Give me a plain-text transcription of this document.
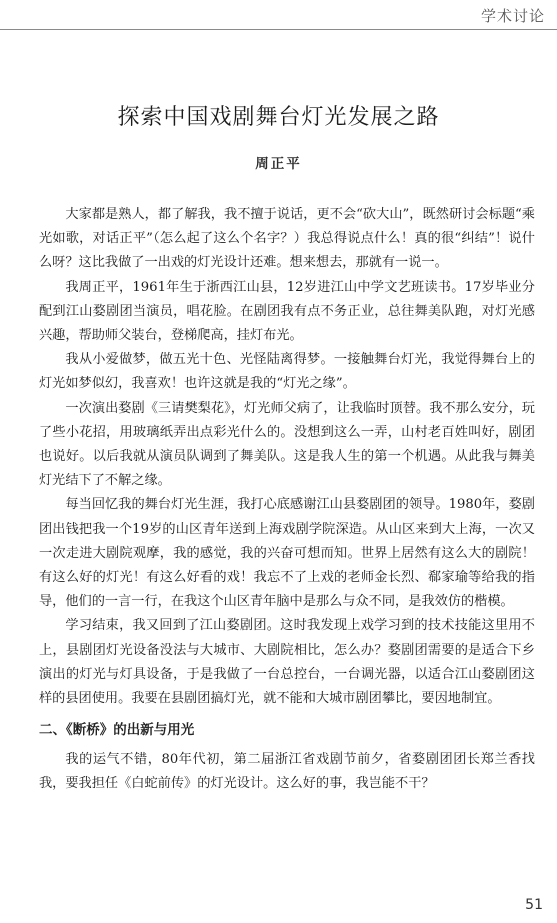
学术讨论
探索中国戏剧舞台灯光发展之路
周正平

大家都是熟人，都了解我，我不擅于说话，更不会“砍大山”，既然研讨会标题“乘光如歌，对话正平”（怎么起了这么个名字？）我总得说点什么！真的很“纠结”！说什么呀？这比我做了一出戏的灯光设计还难。想来想去，那就有一说一。

我周正平，1961年生于浙西江山县，12岁进江山中学文艺班读书。17岁毕业分配到江山婺剧团当演员，唱花脸。在剧团我有点不务正业，总往舞美队跑，对灯光感兴趣，帮助师父装台，登梯爬高，挂灯布光。

我从小爱做梦，做五光十色、光怪陆离得梦。一接触舞台灯光，我觉得舞台上的灯光如梦似幻，我喜欢！也许这就是我的“灯光之缘”。

一次演出婺剧《三请樊梨花》，灯光师父病了，让我临时顶替。我不那么安分，玩了些小花招，用玻璃纸弄出点彩光什么的。没想到这么一弄，山村老百姓叫好，剧团也说好。以后我就从演员队调到了舞美队。这是我人生的第一个机遇。从此我与舞美灯光结下了不解之缘。

每当回忆我的舞台灯光生涯，我打心底感谢江山县婺剧团的领导。1980年，婺剧团出钱把我一个19岁的山区青年送到上海戏剧学院深造。从山区来到大上海，一次又一次走进大剧院观摩，我的感觉，我的兴奋可想而知。世界上居然有这么大的剧院！有这么好的灯光！有这么好看的戏！我忘不了上戏的老师金长烈、郗家瑜等给我的指导，他们的一言一行，在我这个山区青年脑中是那么与众不同，是我效仿的楷模。

学习结束，我又回到了江山婺剧团。这时我发现上戏学习到的技术技能这里用不上，县剧团灯光设备没法与大城市、大剧院相比，怎么办？婺剧团需要的是适合下乡演出的灯光与灯具设备，于是我做了一台总控台，一台调光器，以适合江山婺剧团这样的县团使用。我要在县剧团搞灯光，就不能和大城市剧团攀比，要因地制宜。

二、《断桥》的出新与用光

我的运气不错，80年代初，第二届浙江省戏剧节前夕，省婺剧团团长郑兰香找我，要我担任《白蛇前传》的灯光设计。这么好的事，我岂能不干？

51
